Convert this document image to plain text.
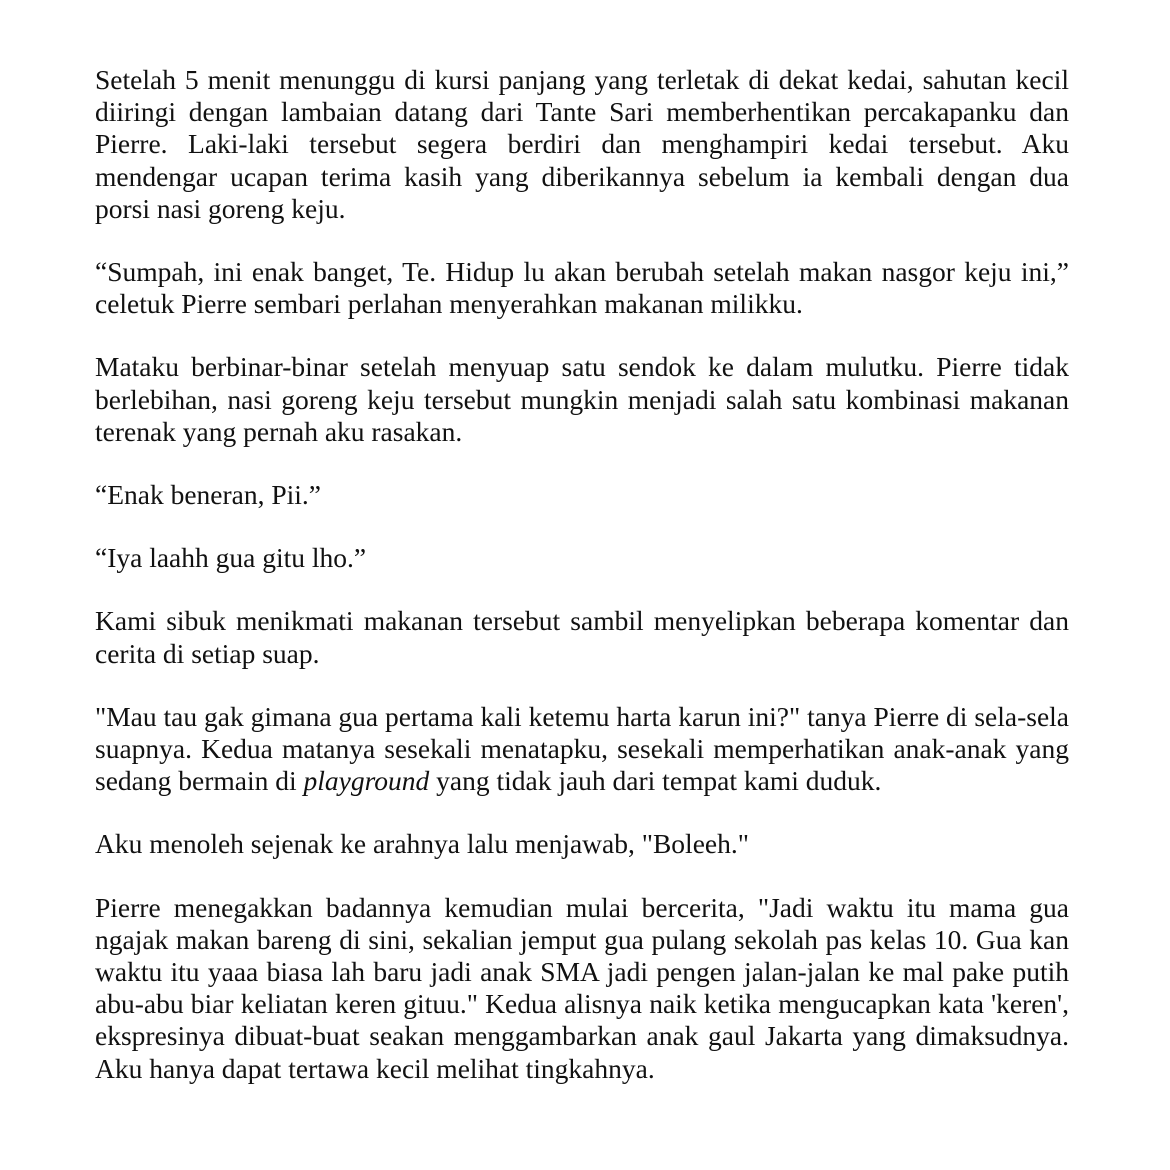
Setelah 5 menit menunggu di kursi panjang yang terletak di dekat kedai, sahutan kecil diiringi dengan lambaian datang dari Tante Sari memberhentikan percakapanku dan Pierre. Laki-laki tersebut segera berdiri dan menghampiri kedai tersebut. Aku mendengar ucapan terima kasih yang diberikannya sebelum ia kembali dengan dua porsi nasi goreng keju.

“Sumpah, ini enak banget, Te. Hidup lu akan berubah setelah makan nasgor keju ini,” celetuk Pierre sembari perlahan menyerahkan makanan milikku.

Mataku berbinar-binar setelah menyuap satu sendok ke dalam mulutku. Pierre tidak berlebihan, nasi goreng keju tersebut mungkin menjadi salah satu kombinasi makanan terenak yang pernah aku rasakan.

“Enak beneran, Pii.”

“Iya laahh gua gitu lho.”

Kami sibuk menikmati makanan tersebut sambil menyelipkan beberapa komentar dan cerita di setiap suap.

"Mau tau gak gimana gua pertama kali ketemu harta karun ini?" tanya Pierre di sela-sela suapnya. Kedua matanya sesekali menatapku, sesekali memperhatikan anak-anak yang sedang bermain di playground yang tidak jauh dari tempat kami duduk.

Aku menoleh sejenak ke arahnya lalu menjawab, "Boleeh."

Pierre menegakkan badannya kemudian mulai bercerita, "Jadi waktu itu mama gua ngajak makan bareng di sini, sekalian jemput gua pulang sekolah pas kelas 10. Gua kan waktu itu yaaa biasa lah baru jadi anak SMA jadi pengen jalan-jalan ke mal pake putih abu-abu biar keliatan keren gituu." Kedua alisnya naik ketika mengucapkan kata 'keren', ekspresinya dibuat-buat seakan menggambarkan anak gaul Jakarta yang dimaksudnya. Aku hanya dapat tertawa kecil melihat tingkahnya.
